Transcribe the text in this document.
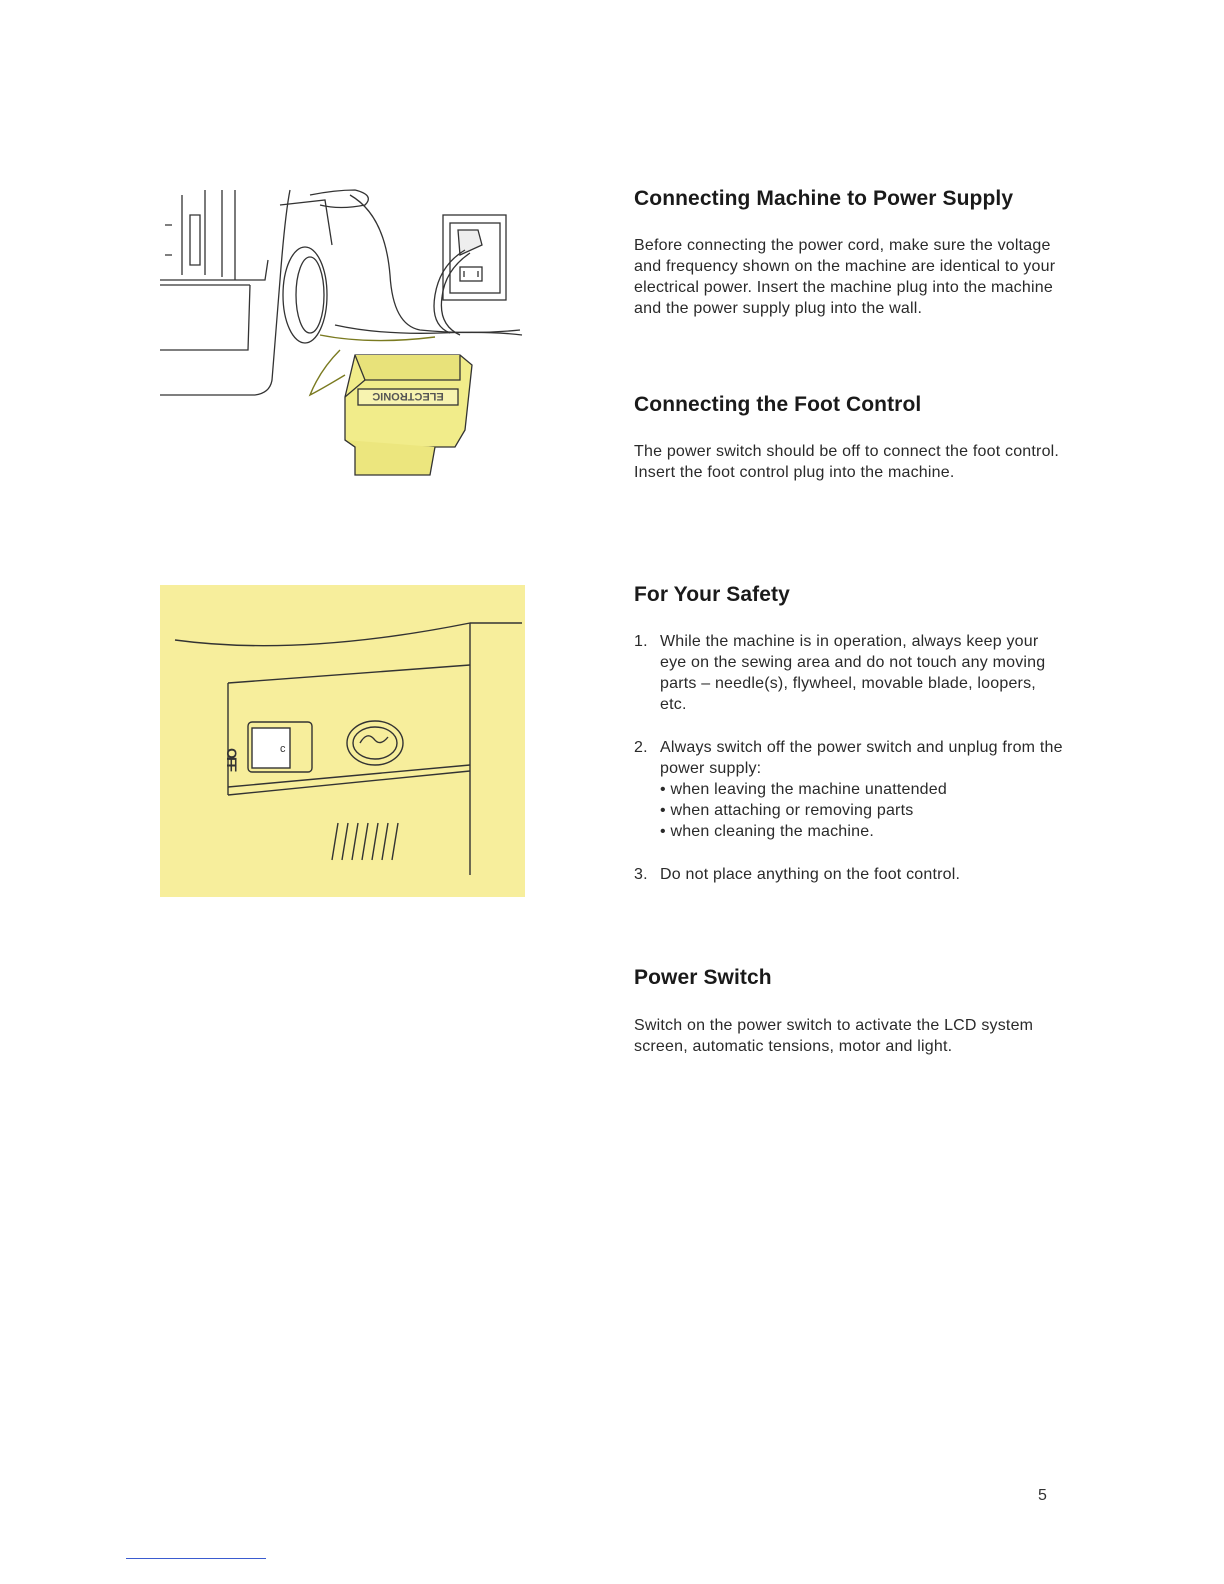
ELECTRONIC
OFF	c
Connecting Machine to Power Supply

Before connecting the power cord, make sure the voltage and frequency shown on the machine are identical to your electrical power. Insert the machine plug into the machine and the power supply plug into the wall.

Connecting the Foot Control

The power switch should be off to connect the foot control. Insert the foot control plug into the machine.

For Your Safety
1. While the machine is in operation, always keep your eye on the sewing area and do not touch any moving parts – needle(s), flywheel, movable blade, loopers, etc.
2. Always switch off the power switch and unplug from the power supply:
• when leaving the machine unattended
• when attaching or removing parts
• when cleaning the machine.
3. Do not place anything on the foot control.
Power Switch

Switch on the power switch to activate the LCD system screen, automatic tensions, motor and light.

5
